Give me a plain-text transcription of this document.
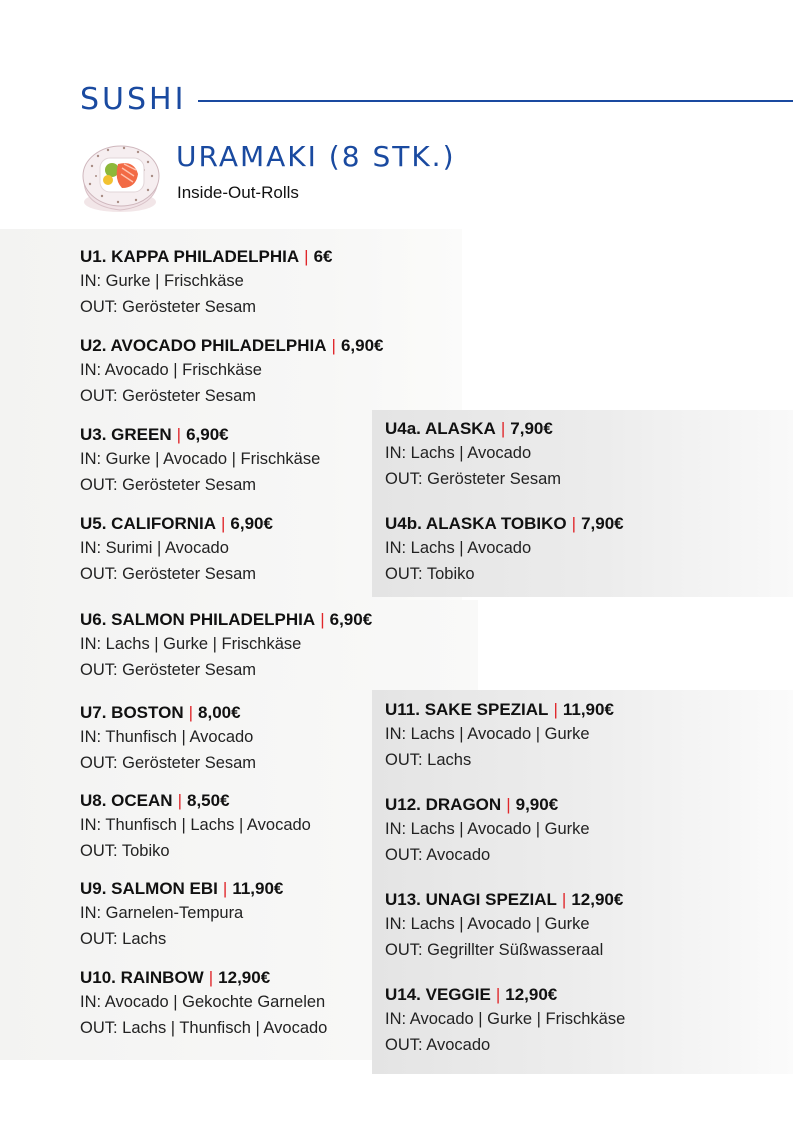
SUSHI
URAMAKI (8 STK.)
Inside-Out-Rolls
U1. KAPPA PHILADELPHIA | 6€
IN: Gurke | Frischkäse
OUT: Gerösteter Sesam
U2. AVOCADO PHILADELPHIA | 6,90€
IN: Avocado | Frischkäse
OUT: Gerösteter Sesam
U3. GREEN | 6,90€
IN: Gurke | Avocado | Frischkäse
OUT: Gerösteter Sesam
U4a. ALASKA | 7,90€
IN: Lachs | Avocado
OUT: Gerösteter Sesam
U5. CALIFORNIA | 6,90€
IN: Surimi | Avocado
OUT: Gerösteter Sesam
U4b. ALASKA TOBIKO | 7,90€
IN: Lachs | Avocado
OUT: Tobiko
U6. SALMON PHILADELPHIA | 6,90€
IN: Lachs | Gurke | Frischkäse
OUT: Gerösteter Sesam
U7. BOSTON | 8,00€
IN: Thunfisch | Avocado
OUT: Gerösteter Sesam
U11. SAKE SPEZIAL | 11,90€
IN: Lachs | Avocado | Gurke
OUT: Lachs
U8. OCEAN | 8,50€
IN: Thunfisch | Lachs | Avocado
OUT: Tobiko
U12. DRAGON | 9,90€
IN: Lachs | Avocado | Gurke
OUT: Avocado
U9. SALMON EBI | 11,90€
IN: Garnelen-Tempura
OUT: Lachs
U13. UNAGI SPEZIAL | 12,90€
IN: Lachs | Avocado | Gurke
OUT: Gegrillter Süßwasseraal
U10. RAINBOW | 12,90€
IN: Avocado | Gekochte Garnelen
OUT: Lachs | Thunfisch | Avocado
U14. VEGGIE | 12,90€
IN: Avocado | Gurke | Frischkäse
OUT: Avocado
